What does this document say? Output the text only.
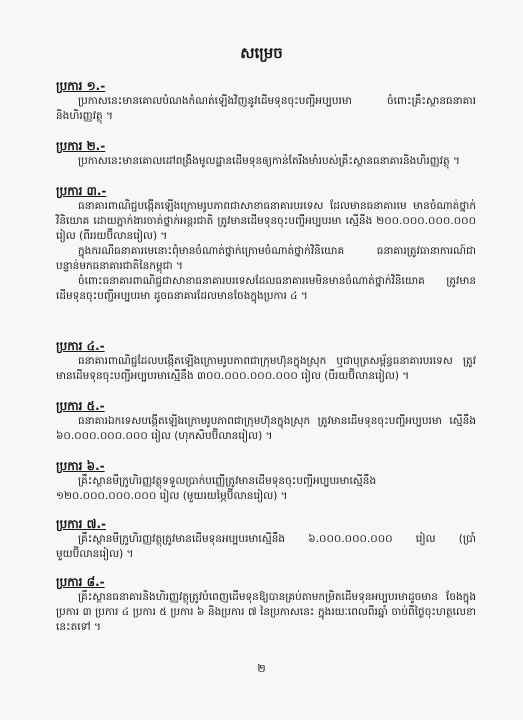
សម្រេច
ប្រការ ១.-
ប្រកាសនេះមានគោលបំណងកំណត់ឡើងវិញនូវដើមទុនចុះបញ្ជីអប្បបរមា ចំពោះគ្រឹះស្ថានធនាគារ និងហិរញ្ញវត្ថុ ។
ប្រការ ២.-
ប្រកាសនេះមានគោលដៅពង្រឹងមូលដ្ឋានដើមទុនឲ្យកាន់តែរឹងមាំរបស់គ្រឹះស្ថានធនាគារនិងហិរញ្ញវត្ថុ ។
ប្រការ ៣.-
ធនាគារពាណិជ្ជបង្កើតឡើងក្រោមរូបភាពជាសាខាធនាគារបរទេស ដែលមានធនាគារមេ មានចំណាត់ថ្នាក់វិនិយោគ ដោយភ្នាក់ងារចាត់ថ្នាក់អន្តរជាតិ ត្រូវមានដើមទុនចុះបញ្ជីអប្បបរមា ស្មើនឹង ២០០.០០០.០០០.០០០ រៀល (ពីររយប៊ីលានរៀល) ។
ក្នុងករណីធនាគារមេនោះពុំមានចំណាត់ថ្នាក់ក្រោមចំណាត់ថ្នាក់វិនិយោគ ធនាគារត្រូវធានាការណ៍ជាបន្ទាន់មកធនាគារជាតិនៃកម្ពុជា ។
ចំពោះធនាគារពាណិជ្ជជាសាខាធនាគារបរទេសដែលធនាគារមេមិនមានចំណាត់ថ្នាក់វិនិយោគ ត្រូវមានដើមទុនចុះបញ្ជីអប្បបរមា ដូចធនាគារដែលមានចែងក្នុងប្រការ ៤ ។
ប្រការ ៤.-
ធនាគារពាណិជ្ជដែលបង្កើតឡើងក្រោមរូបភាពជាក្រុមហ៊ុនក្នុងស្រុក ឬជាបុត្រសម្ព័ន្ធធនាគារបរទេស ត្រូវមានដើមទុនចុះបញ្ជីអប្បបរមាស្មើនឹង ៣០០.០០០.០០០.០០០ រៀល (បីរយប៊ីលានរៀល) ។
ប្រការ ៥.-
ធនាគារឯកទេសបង្កើតឡើងក្រោមរូបភាពជាក្រុមហ៊ុនក្នុងស្រុក ត្រូវមានដើមទុនចុះបញ្ជីអប្បបរមា ស្មើនឹង ៦០.០០០.០០០.០០០ រៀល (ហុកសិបប៊ីលានរៀល) ។
ប្រការ ៦.-
គ្រឹះស្ថានមីក្រូហិរញ្ញវត្ថុទទួលប្រាក់បញ្ញើត្រូវមានដើមទុនចុះបញ្ជីអប្បបរមាស្មើនឹង ១២០.០០០.០០០.០០០ រៀល (មួយរយម្ភៃប៊ីលានរៀល) ។
ប្រការ ៧.-
គ្រឹះស្ថានមីក្រូហិរញ្ញវត្ថុត្រូវមានដើមទុនអប្បបរមាស្មើនឹង ៦.០០០.០០០.០០០ រៀល (ប្រាំមួយប៊ីលានរៀល) ។
ប្រការ ៨.-
គ្រឹះស្ថានធនាគារនិងហិរញ្ញវត្ថុត្រូវបំពេញដើមទុនឱ្យបានគ្រប់តាមកម្រិតដើមទុនអប្បបរមាដូចមាន ចែងក្នុងប្រការ ៣ ប្រការ ៤ ប្រការ ៥ ប្រការ ៦ និងប្រការ ៧ នៃប្រកាសនេះ ក្នុងរយៈពេលពីរឆ្នាំ ចាប់ពីថ្ងៃចុះហត្ថលេខានេះតទៅ ។
២
